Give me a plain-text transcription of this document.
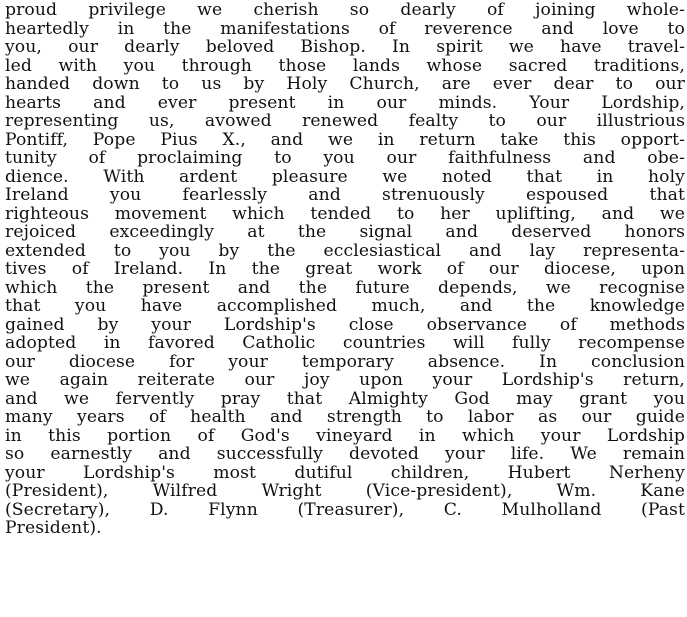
proud privilege we cherish so dearly of joining whole-
heartedly in the manifestations of reverence and love to
you, our dearly beloved Bishop. In spirit we have travel-
led with you through those lands whose sacred traditions,
handed down to us by Holy Church, are ever dear to our
hearts and ever present in our minds. Your Lordship,
representing us, avowed renewed fealty to our illustrious
Pontiff, Pope Pius X., and we in return take this opport-
tunity of proclaiming to you our faithfulness and obe-
dience. With ardent pleasure we noted that in holy
Ireland you fearlessly and strenuously espoused that
righteous movement which tended to her uplifting, and we
rejoiced exceedingly at the signal and deserved honors
extended to you by the ecclesiastical and lay representa-
tives of Ireland. In the great work of our diocese, upon
which the present and the future depends, we recognise
that you have accomplished much, and the knowledge
gained by your Lordship's close observance of methods
adopted in favored Catholic countries will fully recompense
our diocese for your temporary absence. In conclusion
we again reiterate our joy upon your Lordship's return,
and we fervently pray that Almighty God may grant you
many years of health and strength to labor as our guide
in this portion of God's vineyard in which your Lordship
so earnestly and successfully devoted your life. We remain
your Lordship's most dutiful children, Hubert Nerheny
(President), Wilfred Wright (Vice-president), Wm. Kane
(Secretary), D. Flynn (Treasurer), C. Mulholland (Past
President).
